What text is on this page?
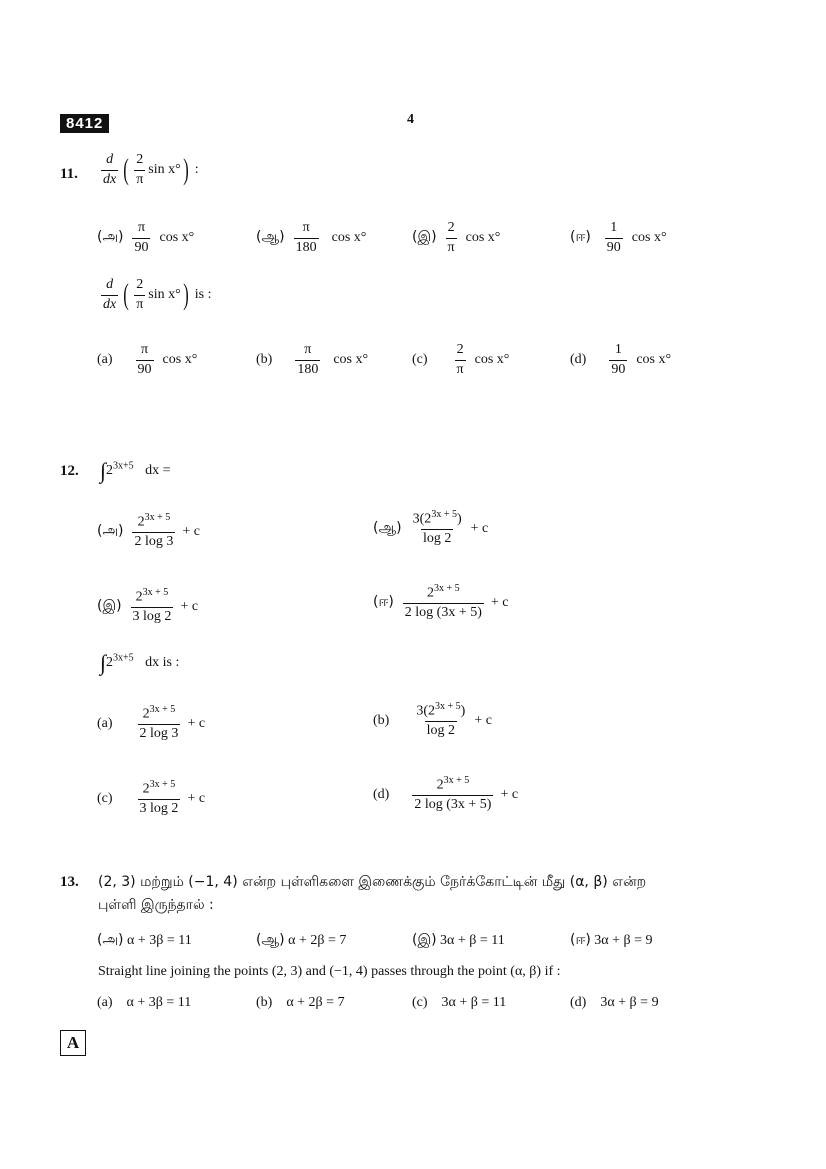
8412	4
11. $\frac{d}{dx}$ ( $\frac{2}{\pi}$ sin x° ) :
(அ) $\frac{\pi}{90}$ cos x°	(ஆ) $\frac{\pi}{180}$ cos x°	(இ) $\frac{2}{\pi}$ cos x°	(ஈ) $\frac{1}{90}$ cos x°
$\frac{d}{dx}$ ( $\frac{2}{\pi}$ sin x° ) is :
$(a) \frac{\pi}{90}$ cos x°	$(b) \frac{\pi}{180}$ cos x°	$(c) \frac{2}{\pi}$ cos x°	$(d) \frac{1}{90}$ cos x°
12. $\int 2^{3x+5}$ dx =
(அ) $\frac{2^{3x + 5}}{2 \log 3} + c$	(ஆ) $\frac{3(2^{3x + 5})}{\log 2} + c$
(இ) $\frac{2^{3x + 5}}{3 \log 2} + c$	(ஈ) $\frac{2^{3x + 5}}{2 \log (3x + 5)} + c$
$\int 2^{3x+5}$ dx is :
$(a) \frac{2^{3x + 5}}{2 \log 3} + c$	$(b) \frac{3(2^{3x + 5})}{\log 2} + c$
$(c) \frac{2^{3x + 5}}{3 \log 2} + c$	$(d) \frac{2^{3x + 5}}{2 \log (3x + 5)} + c$
13. (2, 3) மற்றும் (−1, 4) என்ற புள்ளிகளை இணைக்கும் நேர்க்கோட்டின் மீது (α, β) என்ற
புள்ளி இருந்தால் :
(அ) α + 3β = 11	(ஆ) α + 2β = 7	(இ) 3α + β = 11	(ஈ) 3α + β = 9
Straight line joining the points (2, 3) and (−1, 4) passes through the point (α, β) if :
(a) α + 3β = 11	(b) α + 2β = 7	(c) 3α + β = 11	(d) 3α + β = 9
A
